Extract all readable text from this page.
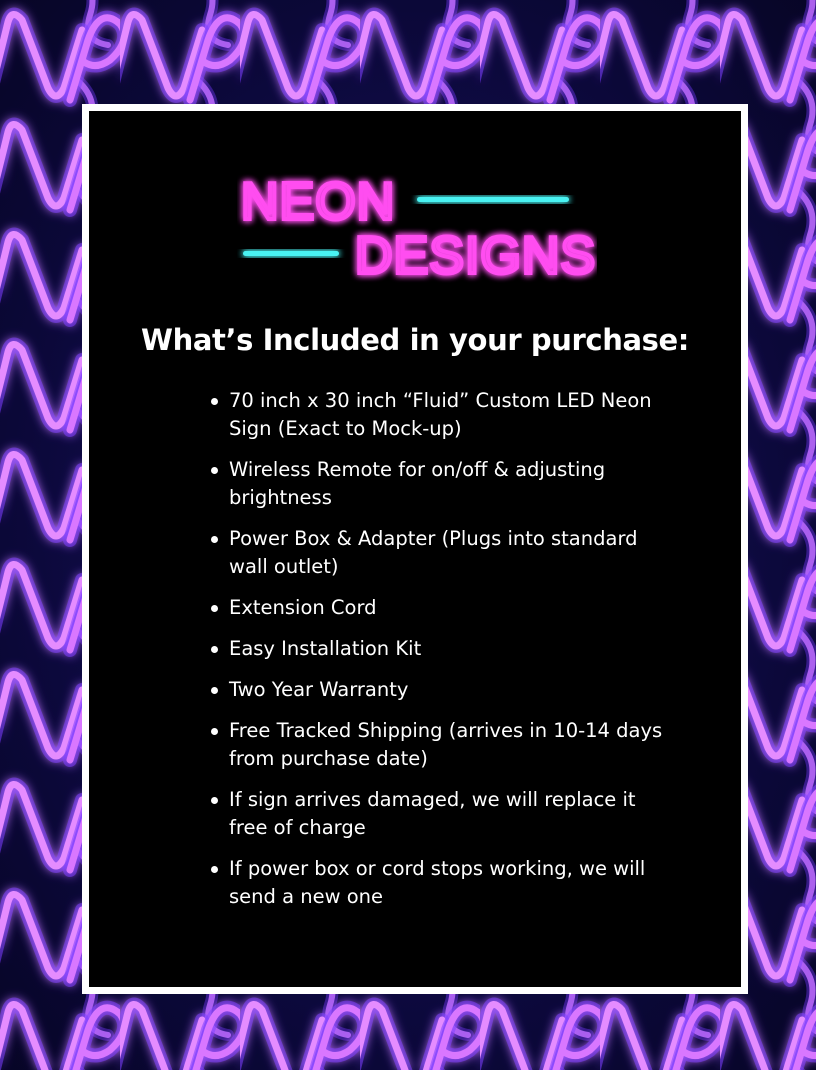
NEON
DESIGNS
What’s Included in your purchase:
70 inch x 30 inch “Fluid” Custom LED Neon Sign (Exact to Mock-up)
Wireless Remote for on/off & adjusting brightness
Power Box & Adapter (Plugs into standard wall outlet)
Extension Cord
Easy Installation Kit
Two Year Warranty
Free Tracked Shipping (arrives in 10-14 days from purchase date)
If sign arrives damaged, we will replace it free of charge
If power box or cord stops working, we will send a new one
